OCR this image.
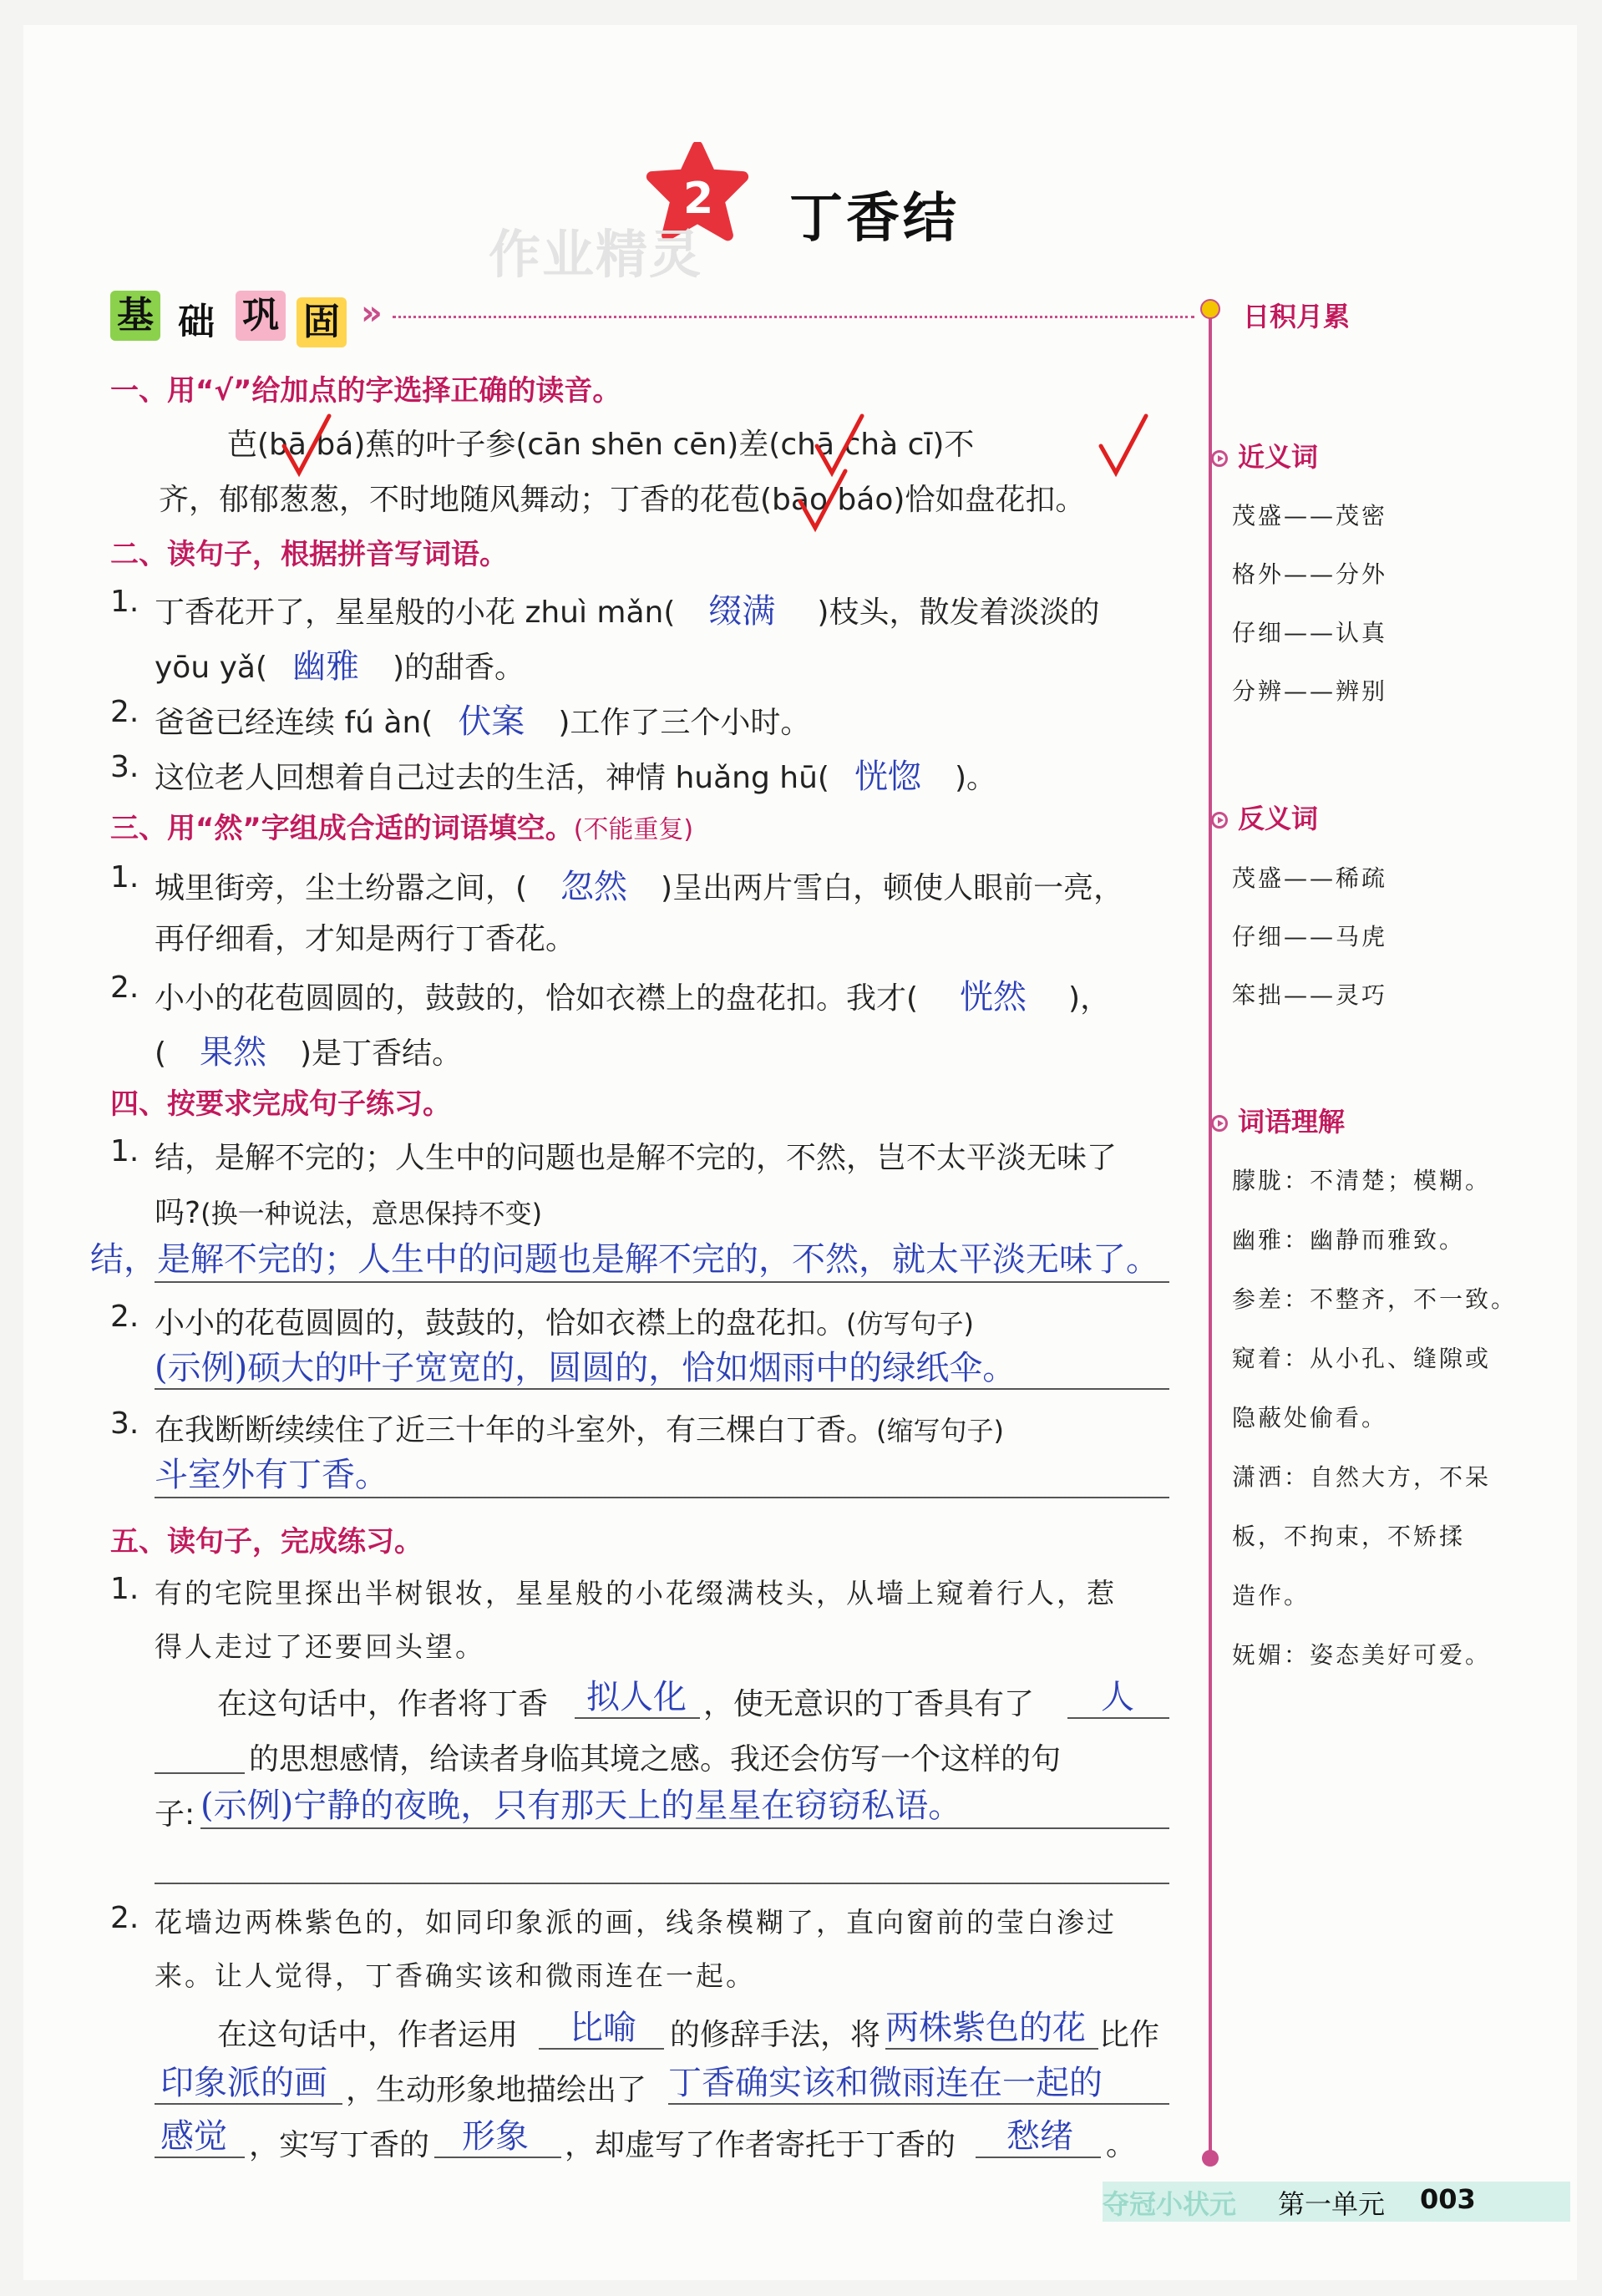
2 丁香结
作业精灵
基 础 巩 固 »	日积月累
近义词
茂盛——茂密
格外——分外
仔细——认真
分辨——辨别
反义词
茂盛——稀疏
仔细——马虎
笨拙——灵巧
词语理解
朦胧：不清楚；模糊。
幽雅：幽静而雅致。
参差：不整齐，不一致。
窥着：从小孔、缝隙或
隐蔽处偷看。
潇洒：自然大方，不呆
板，不拘束，不矫揉
造作。
妩媚：姿态美好可爱。
一、用“√”给加点的字选择正确的读音。
芭(bā bá)蕉的叶子参(cān shēn cēn)差(chā chà cī)不
齐，郁郁葱葱，不时地随风舞动；丁香的花苞(bāo báo)恰如盘花扣。
二、读句子，根据拼音写词语。
1. 丁香花开了，星星般的小花 zhuì mǎn( 缀满 )枝头，散发着淡淡的
yōu yǎ( 幽雅 )的甜香。
2. 爸爸已经连续 fú àn( 伏案 )工作了三个小时。
3. 这位老人回想着自己过去的生活，神情 huǎng hū( 恍惚 )。
三、用“然”字组成合适的词语填空。(不能重复)
1. 城里街旁，尘土纷嚣之间，( 忽然 )呈出两片雪白，顿使人眼前一亮，
再仔细看，才知是两行丁香花。
2. 小小的花苞圆圆的，鼓鼓的，恰如衣襟上的盘花扣。我才( 恍然 )，
( 果然 )是丁香结。
四、按要求完成句子练习。
1. 结，是解不完的；人生中的问题也是解不完的，不然，岂不太平淡无味了
吗?(换一种说法，意思保持不变)
结，是解不完的；人生中的问题也是解不完的，不然，就太平淡无味了。
2. 小小的花苞圆圆的，鼓鼓的，恰如衣襟上的盘花扣。(仿写句子)
(示例)硕大的叶子宽宽的，圆圆的，恰如烟雨中的绿纸伞。
3. 在我断断续续住了近三十年的斗室外，有三棵白丁香。(缩写句子)
斗室外有丁香。
五、读句子，完成练习。
1. 有的宅院里探出半树银妆，星星般的小花缀满枝头，从墙上窥着行人，惹
得人走过了还要回头望。
在这句话中，作者将丁香 拟人化 ，使无意识的丁香具有了 人
的思想感情，给读者身临其境之感。我还会仿写一个这样的句
子: (示例)宁静的夜晚，只有那天上的星星在窃窃私语。
2. 花墙边两株紫色的，如同印象派的画，线条模糊了，直向窗前的莹白渗过
来。让人觉得，丁香确实该和微雨连在一起。
在这句话中，作者运用 比喻 的修辞手法，将 两株紫色的花 比作
印象派的画 ，生动形象地描绘出了 丁香确实该和微雨连在一起的
感觉 ，实写丁香的 形象 ，却虚写了作者寄托于丁香的 愁绪 。
夺冠小状元 第一单元 003
